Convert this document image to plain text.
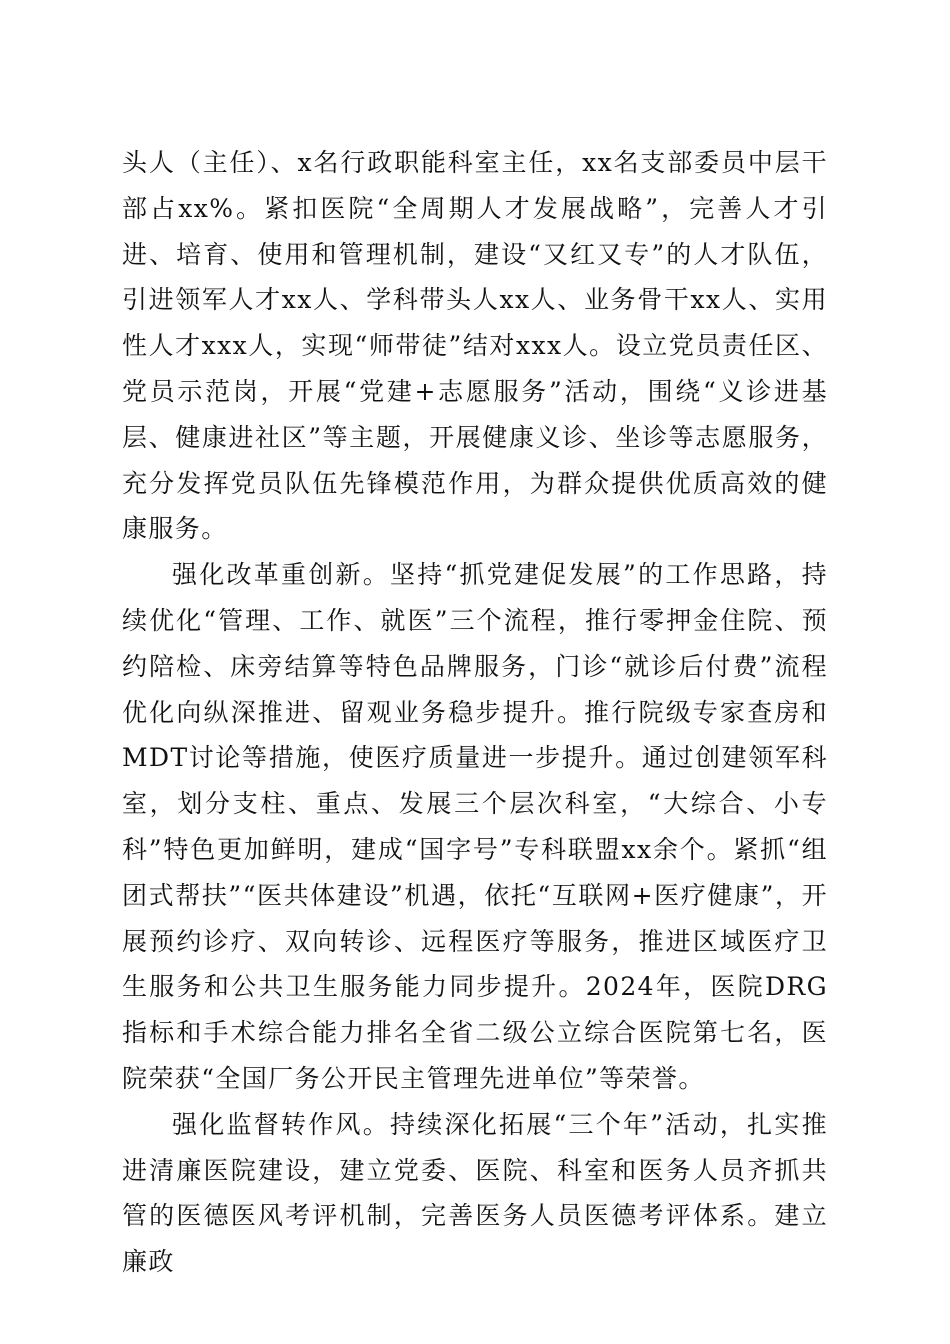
头人（主任）、x名行政职能科室主任，xx名支部委员中层干部占xx%。紧扣医院“全周期人才发展战略”，完善人才引进、培育、使用和管理机制，建设“又红又专”的人才队伍，引进领军人才xx人、学科带头人xx人、业务骨干xx人、实用性人才xxx人，实现“师带徒”结对xxx人。设立党员责任区、党员示范岗，开展“党建+志愿服务”活动，围绕“义诊进基层、健康进社区”等主题，开展健康义诊、坐诊等志愿服务，充分发挥党员队伍先锋模范作用，为群众提供优质高效的健康服务。

强化改革重创新。坚持“抓党建促发展”的工作思路，持续优化“管理、工作、就医”三个流程，推行零押金住院、预约陪检、床旁结算等特色品牌服务，门诊“就诊后付费”流程优化向纵深推进、留观业务稳步提升。推行院级专家查房和MDT讨论等措施，使医疗质量进一步提升。通过创建领军科室，划分支柱、重点、发展三个层次科室，“大综合、小专科”特色更加鲜明，建成“国字号”专科联盟xx余个。紧抓“组团式帮扶”“医共体建设”机遇，依托“互联网+医疗健康”，开展预约诊疗、双向转诊、远程医疗等服务，推进区域医疗卫生服务和公共卫生服务能力同步提升。2024年，医院DRG指标和手术综合能力排名全省二级公立综合医院第七名，医院荣获“全国厂务公开民主管理先进单位”等荣誉。

强化监督转作风。持续深化拓展“三个年”活动，扎实推进清廉医院建设，建立党委、医院、科室和医务人员齐抓共管的医德医风考评机制，完善医务人员医德考评体系。建立廉政
